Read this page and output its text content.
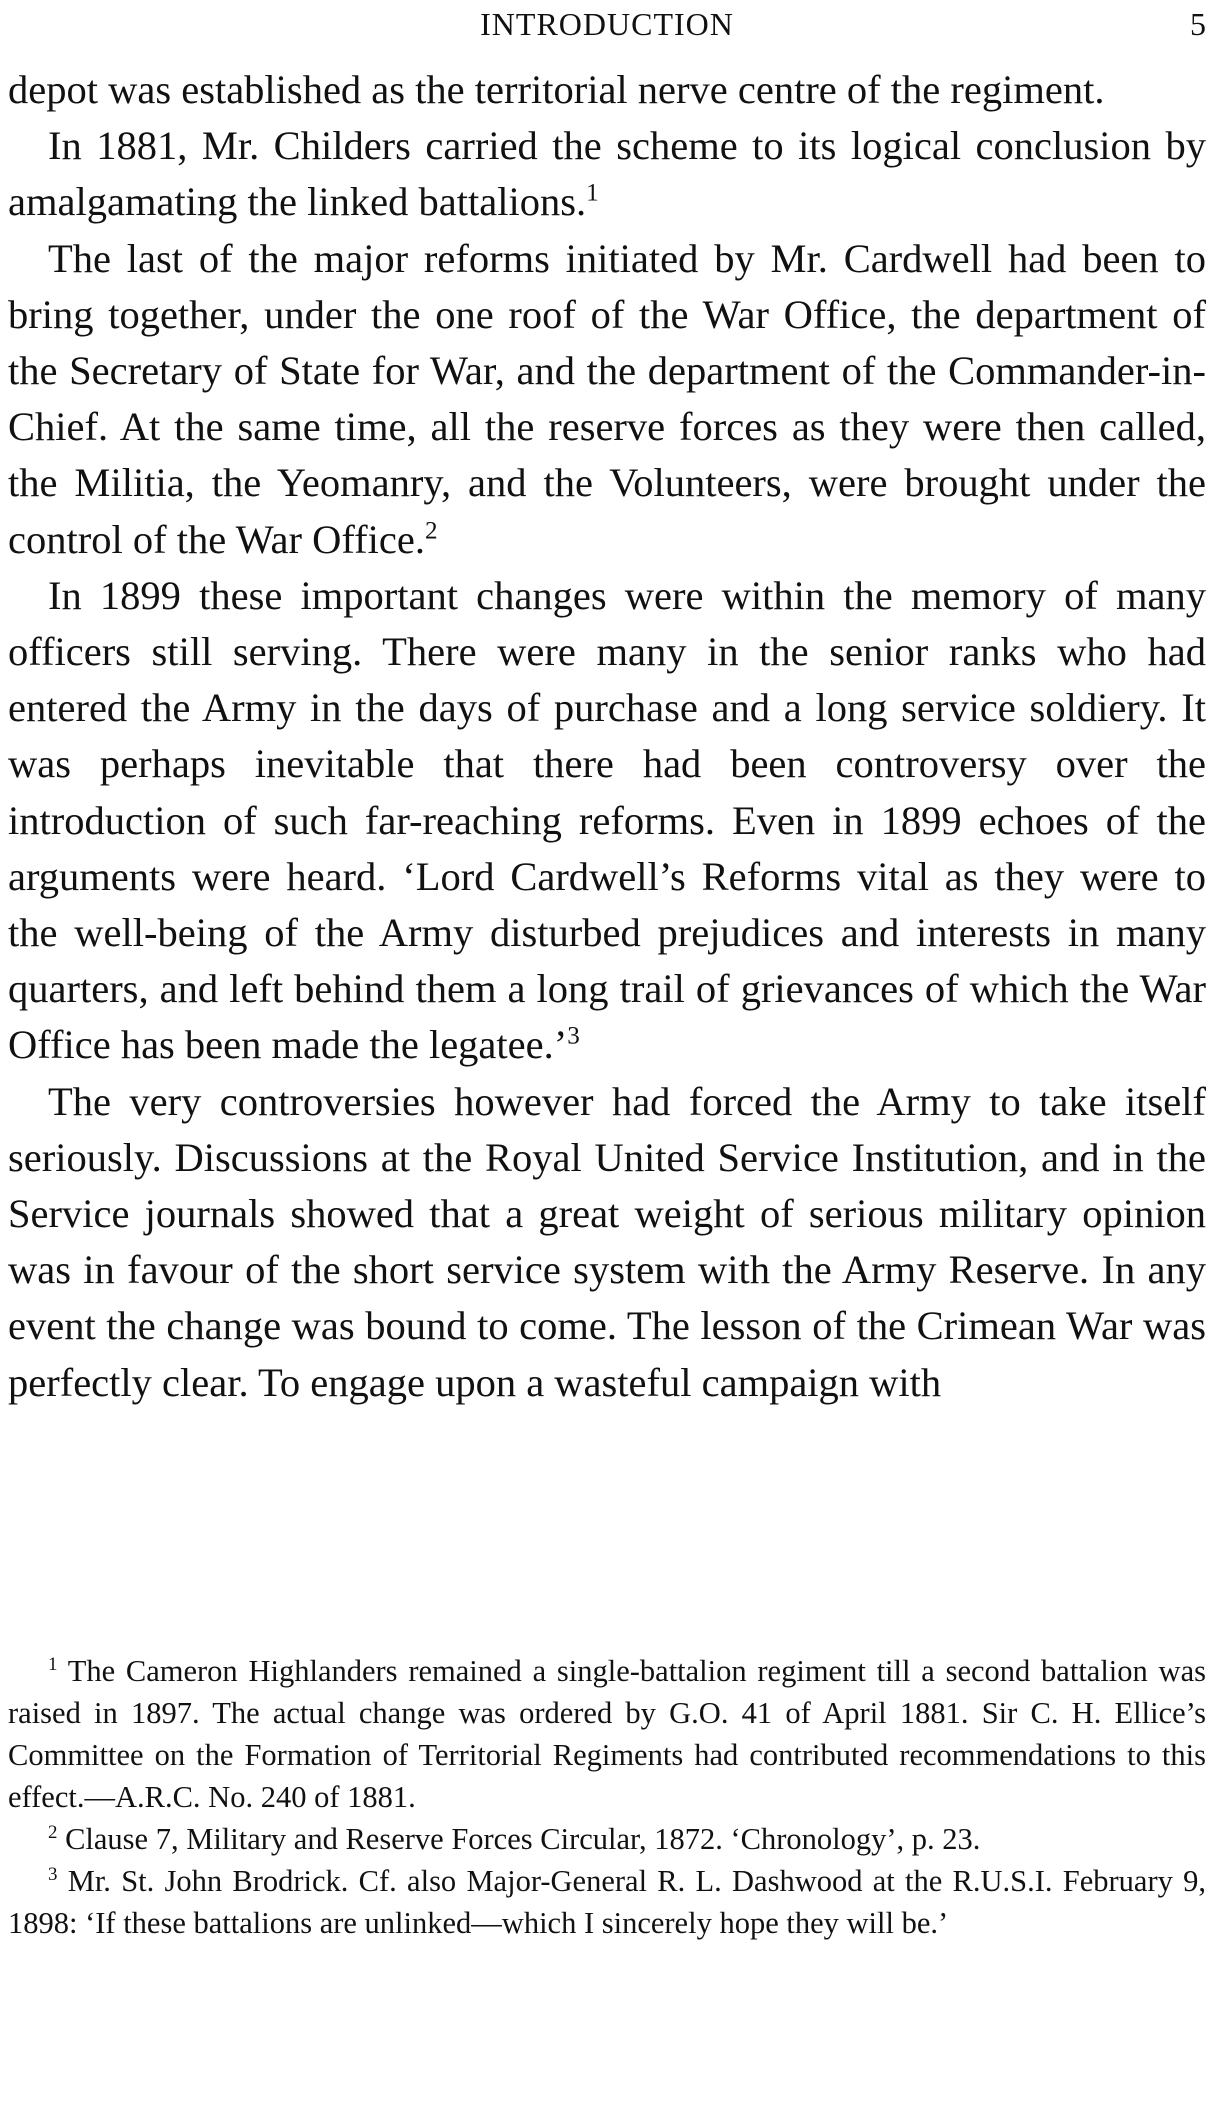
INTRODUCTION	5

depot was established as the territorial nerve centre of the regiment.

In 1881, Mr. Childers carried the scheme to its logical conclusion by amalgamating the linked battalions.$^1$

The last of the major reforms initiated by Mr. Cardwell had been to bring together, under the one roof of the War Office, the department of the Secretary of State for War, and the department of the Commander-in-Chief. At the same time, all the reserve forces as they were then called, the Militia, the Yeomanry, and the Volunteers, were brought under the control of the War Office.$^2$

In 1899 these important changes were within the memory of many officers still serving. There were many in the senior ranks who had entered the Army in the days of purchase and a long service soldiery. It was perhaps inevitable that there had been controversy over the introduction of such far-reaching reforms. Even in 1899 echoes of the arguments were heard. ‘Lord Cardwell’s Reforms vital as they were to the well-being of the Army disturbed prejudices and interests in many quarters, and left behind them a long trail of grievances of which the War Office has been made the legatee.’$^3$

The very controversies however had forced the Army to take itself seriously. Discussions at the Royal United Service Institution, and in the Service journals showed that a great weight of serious military opinion was in favour of the short service system with the Army Reserve. In any event the change was bound to come. The lesson of the Crimean War was perfectly clear. To engage upon a wasteful campaign with

$^1$ The Cameron Highlanders remained a single-battalion regiment till a second battalion was raised in 1897. The actual change was ordered by G.O. 41 of April 1881. Sir C. H. Ellice’s Committee on the Formation of Territorial Regiments had contributed recommendations to this effect.—A.R.C. No. 240 of 1881.

$^2$ Clause 7, Military and Reserve Forces Circular, 1872. ‘Chronology’, p. 23.

$^3$ Mr. St. John Brodrick. Cf. also Major-General R. L. Dashwood at the R.U.S.I. February 9, 1898: ‘If these battalions are unlinked—which I sincerely hope they will be.’
